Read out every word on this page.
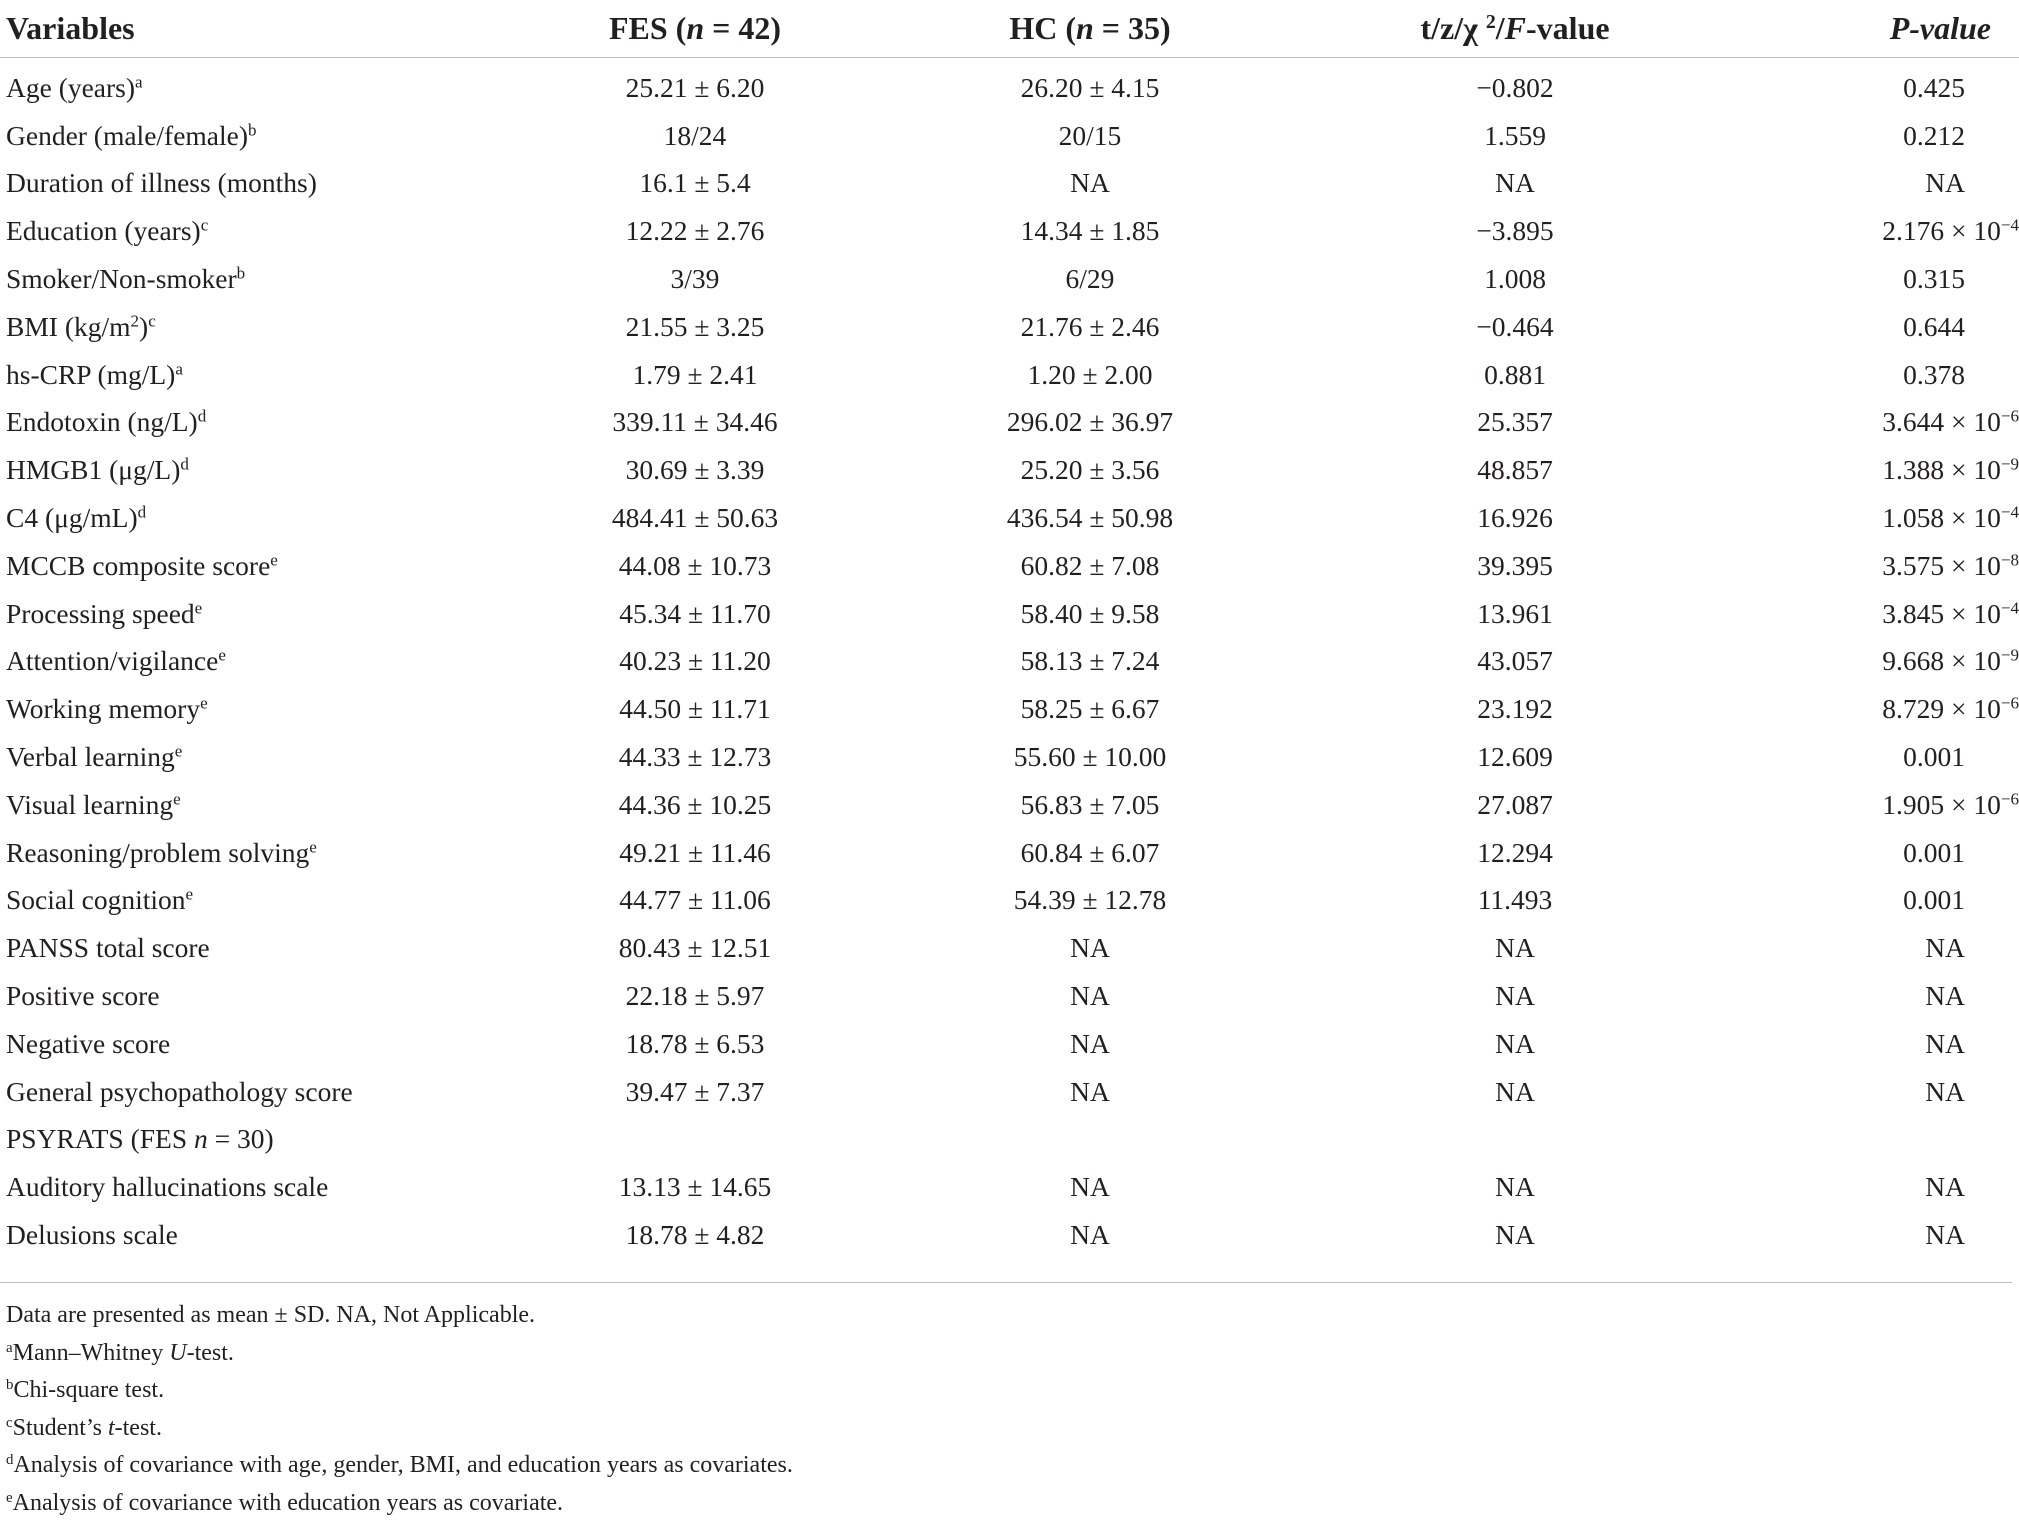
Variables	FES (n = 42)	HC (n = 35)	t/z/χ $^2$/F-value	P-value
Age (years)$^a$	25.21 ± 6.20	26.20 ± 4.15	−0.802	0.425
Gender (male/female)$^b$	18/24	20/15	1.559	0.212
Duration of illness (months)	16.1 ± 5.4	NA	NA	NA
Education (years)$^c$	12.22 ± 2.76	14.34 ± 1.85	−3.895	$2.176 \times 10^{-4}$
Smoker/Non-smoker$^b$	3/39	6/29	1.008	0.315
BMI $(kg/m^2)^c$	21.55 ± 3.25	21.76 ± 2.46	−0.464	0.644
hs-CRP $(mg/L)^a$	1.79 ± 2.41	1.20 ± 2.00	0.881	0.378
Endotoxin $(ng/L)^d$	339.11 ± 34.46	296.02 ± 36.97	25.357	$3.644 \times 10^{-6}$
HMGB1 $(\mu g/L)^d$	30.69 ± 3.39	25.20 ± 3.56	48.857	$1.388 \times 10^{-9}$
C4 $(\mu g/mL)^d$	484.41 ± 50.63	436.54 ± 50.98	16.926	$1.058 \times 10^{-4}$
MCCB composite score$^e$	44.08 ± 10.73	60.82 ± 7.08	39.395	$3.575 \times 10^{-8}$
Processing speed$^e$	45.34 ± 11.70	58.40 ± 9.58	13.961	$3.845 \times 10^{-4}$
Attention/vigilance$^e$	40.23 ± 11.20	58.13 ± 7.24	43.057	$9.668 \times 10^{-9}$
Working memory$^e$	44.50 ± 11.71	58.25 ± 6.67	23.192	$8.729 \times 10^{-6}$
Verbal learning$^e$	44.33 ± 12.73	55.60 ± 10.00	12.609	0.001
Visual learning$^e$	44.36 ± 10.25	56.83 ± 7.05	27.087	$1.905 \times 10^{-6}$
Reasoning/problem solving$^e$	49.21 ± 11.46	60.84 ± 6.07	12.294	0.001
Social cognition$^e$	44.77 ± 11.06	54.39 ± 12.78	11.493	0.001
PANSS total score	80.43 ± 12.51	NA	NA	NA
Positive score	22.18 ± 5.97	NA	NA	NA
Negative score	18.78 ± 6.53	NA	NA	NA
General psychopathology score	39.47 ± 7.37	NA	NA	NA
PSYRATS (FES n = 30)				
Auditory hallucinations scale	13.13 ± 14.65	NA	NA	NA
Delusions scale	18.78 ± 4.82	NA	NA	NA
Data are presented as mean ± SD. NA, Not Applicable.
$^a$Mann–Whitney U-test.
$^b$Chi-square test.
$^c$Student’s t-test.
$^d$Analysis of covariance with age, gender, BMI, and education years as covariates.
$^e$Analysis of covariance with education years as covariate.
